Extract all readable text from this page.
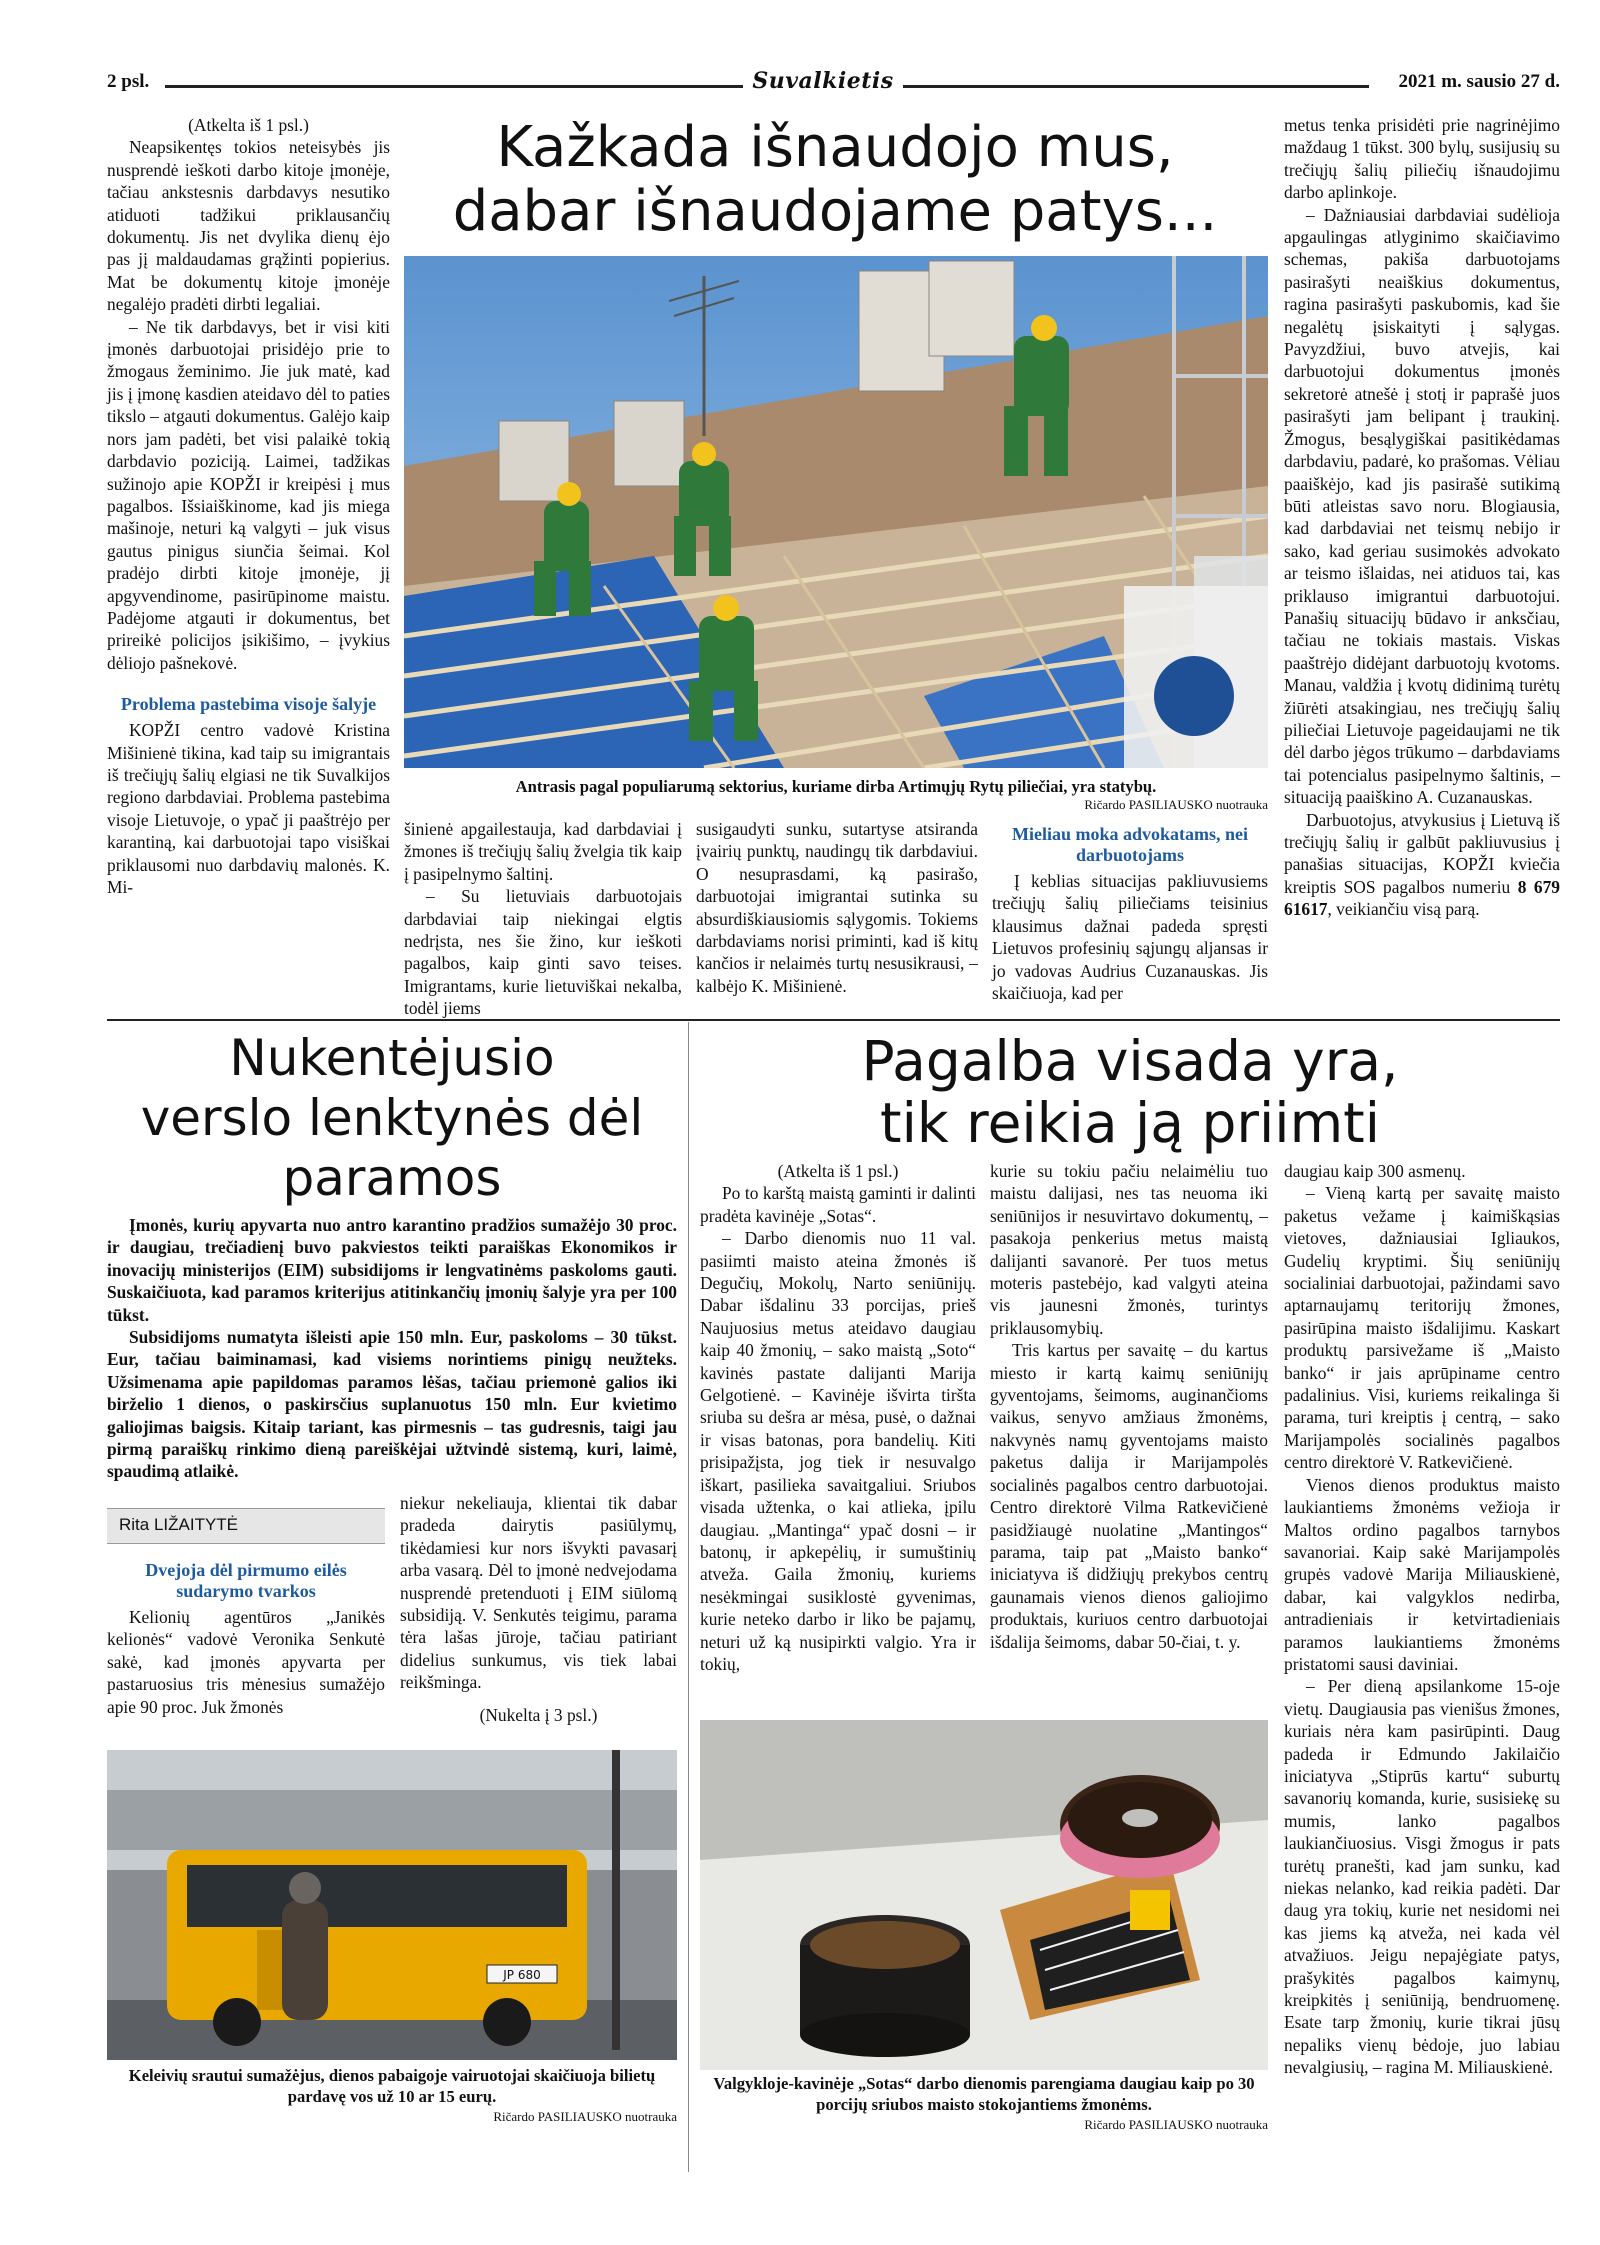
2 psl.	Suvalkietis	2021 m. sausio 27 d.

(Atkelta iš 1 psl.)

Neapsikentęs tokios neteisybės jis nusprendė ieškoti darbo kitoje įmonėje, tačiau ankstesnis darbdavys nesutiko atiduoti tadžikui priklausančių dokumentų. Jis net dvylika dienų ėjo pas jį maldaudamas grąžinti popierius. Mat be dokumentų kitoje įmonėje negalėjo pradėti dirbti legaliai.

– Ne tik darbdavys, bet ir visi kiti įmonės darbuotojai prisidėjo prie to žmogaus žeminimo. Jie juk matė, kad jis į įmonę kasdien ateidavo dėl to paties tikslo – atgauti dokumentus. Galėjo kaip nors jam padėti, bet visi palaikė tokią darbdavio poziciją. Laimei, tadžikas sužinojo apie KOPŽI ir kreipėsi į mus pagalbos. Išsiaiškinome, kad jis miega mašinoje, neturi ką valgyti – juk visus gautus pinigus siunčia šeimai. Kol pradėjo dirbti kitoje įmonėje, jį apgyvendinome, pasirūpinome maistu. Padėjome atgauti ir dokumentus, bet prireikė policijos įsikišimo, – įvykius dėliojo pašnekovė.

Problema pastebima visoje šalyje

KOPŽI centro vadovė Kristina Mišinienė tikina, kad taip su imigrantais iš trečiųjų šalių elgiasi ne tik Suvalkijos regiono darbdaviai. Problema pastebima visoje Lietuvoje, o ypač ji paaštrėjo per karantiną, kai darbuotojai tapo visiškai priklausomi nuo darbdavių malonės. K. Mi-

Kažkada išnaudojo mus,
dabar išnaudojame patys...
Antrasis pagal populiarumą sektorius, kuriame dirba Artimųjų Rytų piliečiai, yra statybų.
Ričardo PASILIAUSKO nuotrauka

šinienė apgailestauja, kad darbdaviai į žmones iš trečiųjų šalių žvelgia tik kaip į pasipelnymo šaltinį.

– Su lietuviais darbuotojais darbdaviai taip niekingai elgtis nedrįsta, nes šie žino, kur ieškoti pagalbos, kaip ginti savo teises. Imigrantams, kurie lietuviškai nekalba, todėl jiems

susigaudyti sunku, sutartyse atsiranda įvairių punktų, naudingų tik darbdaviui. O nesuprasdami, ką pasirašo, darbuotojai imigrantai sutinka su absurdiškiausiomis sąlygomis. Tokiems darbdaviams norisi priminti, kad iš kitų kančios ir nelaimės turtų nesusikrausi, – kalbėjo K. Mišinienė.

Mieliau moka advokatams, nei darbuotojams

Į keblias situacijas pakliuvusiems trečiųjų šalių piliečiams teisinius klausimus dažnai padeda spręsti Lietuvos profesinių sąjungų aljansas ir jo vadovas Audrius Cuzanauskas. Jis skaičiuoja, kad per

metus tenka prisidėti prie nagrinėjimo maždaug 1 tūkst. 300 bylų, susijusių su trečiųjų šalių piliečių išnaudojimu darbo aplinkoje.

– Dažniausiai darbdaviai sudėlioja apgaulingas atlyginimo skaičiavimo schemas, pakiša darbuotojams pasirašyti neaiškius dokumentus, ragina pasirašyti paskubomis, kad šie negalėtų įsiskaityti į sąlygas. Pavyzdžiui, buvo atvejis, kai darbuotojui dokumentus įmonės sekretorė atnešė į stotį ir paprašė juos pasirašyti jam belipant į traukinį. Žmogus, besąlygiškai pasitikėdamas darbdaviu, padarė, ko prašomas. Vėliau paaiškėjo, kad jis pasirašė sutikimą būti atleistas savo noru. Blogiausia, kad darbdaviai net teismų nebijo ir sako, kad geriau susimokės advokato ar teismo išlaidas, nei atiduos tai, kas priklauso imigrantui darbuotojui. Panašių situacijų būdavo ir anksčiau, tačiau ne tokiais mastais. Viskas paaštrėjo didėjant darbuotojų kvotoms. Manau, valdžia į kvotų didinimą turėtų žiūrėti atsakingiau, nes trečiųjų šalių piliečiai Lietuvoje pageidaujami ne tik dėl darbo jėgos trūkumo – darbdaviams tai potencialus pasipelnymo šaltinis, – situaciją paaiškino A. Cuzanauskas.

Darbuotojus, atvykusius į Lietuvą iš trečiųjų šalių ir galbūt pakliuvusius į panašias situacijas, KOPŽI kviečia kreiptis SOS pagalbos numeriu 8 679 61617, veikiančiu visą parą.

Nukentėjusio
verslo lenktynės dėl
paramos

Įmonės, kurių apyvarta nuo antro karantino pradžios sumažėjo 30 proc. ir daugiau, trečiadienį buvo pakviestos teikti paraiškas Ekonomikos ir inovacijų ministerijos (EIM) subsidijoms ir lengvatinėms paskoloms gauti. Suskaičiuota, kad paramos kriterijus atitinkančių įmonių šalyje yra per 100 tūkst.

Subsidijoms numatyta išleisti apie 150 mln. Eur, paskoloms – 30 tūkst. Eur, tačiau baiminamasi, kad visiems norintiems pinigų neužteks. Užsimenama apie papildomas paramos lėšas, tačiau priemonė galios iki birželio 1 dienos, o paskirsčius suplanuotus 150 mln. Eur kvietimo galiojimas baigsis. Kitaip tariant, kas pirmesnis – tas gudresnis, taigi jau pirmą paraiškų rinkimo dieną pareiškėjai užtvindė sistemą, kuri, laimė, spaudimą atlaikė.

Rita LIŽAITYTĖ
Dvejoja dėl pirmumo eilės sudarymo tvarkos

Kelionių agentūros „Janikės kelionės“ vadovė Veronika Senkutė sakė, kad įmonės apyvarta per pastaruosius tris mėnesius sumažėjo apie 90 proc. Juk žmonės

niekur nekeliauja, klientai tik dabar pradeda dairytis pasiūlymų, tikėdamiesi kur nors išvykti pavasarį arba vasarą. Dėl to įmonė nedvejodama nusprendė pretenduoti į EIM siūlomą subsidiją. V. Senkutės teigimu, parama tėra lašas jūroje, tačiau patiriant didelius sunkumus, vis tiek labai reikšminga.

(Nukelta į 3 psl.)

JP 680
Keleivių srautui sumažėjus, dienos pabaigoje vairuotojai skaičiuoja bilietų pardavę vos už 10 ar 15 eurų.
Ričardo PASILIAUSKO nuotrauka
Pagalba visada yra,
tik reikia ją priimti

(Atkelta iš 1 psl.)

Po to karštą maistą gaminti ir dalinti pradėta kavinėje „Sotas“.

– Darbo dienomis nuo 11 val. pasiimti maisto ateina žmonės iš Degučių, Mokolų, Narto seniūnijų. Dabar išdalinu 33 porcijas, prieš Naujuosius metus ateidavo daugiau kaip 40 žmonių, – sako maistą „Soto“ kavinės pastate dalijanti Marija Gelgotienė. – Kavinėje išvirta tiršta sriuba su dešra ar mėsa, pusė, o dažnai ir visas batonas, pora bandelių. Kiti prisipažįsta, jog tiek ir nesuvalgo iškart, pasilieka savaitgaliui. Sriubos visada užtenka, o kai atlieka, įpilu daugiau. „Mantinga“ ypač dosni – ir batonų, ir apkepėlių, ir sumuštinių atveža. Gaila žmonių, kuriems nesėkmingai susiklostė gyvenimas, kurie neteko darbo ir liko be pajamų, neturi už ką nusipirkti valgio. Yra ir tokių,

kurie su tokiu pačiu nelaimėliu tuo maistu dalijasi, nes tas neuoma iki seniūnijos ir nesuvirtavo dokumentų, – pasakoja penkerius metus maistą dalijanti savanorė. Per tuos metus moteris pastebėjo, kad valgyti ateina vis jaunesni žmonės, turintys priklausomybių.

Tris kartus per savaitę – du kartus miesto ir kartą kaimų seniūnijų gyventojams, šeimoms, auginančioms vaikus, senyvo amžiaus žmonėms, nakvynės namų gyventojams maisto paketus dalija ir Marijampolės socialinės pagalbos centro darbuotojai. Centro direktorė Vilma Ratkevičienė pasidžiaugė nuolatine „Mantingos“ parama, taip pat „Maisto banko“ iniciatyva iš didžiųjų prekybos centrų gaunamais vienos dienos galiojimo produktais, kuriuos centro darbuotojai išdalija šeimoms, dabar 50-čiai, t. y.

daugiau kaip 300 asmenų.

– Vieną kartą per savaitę maisto paketus vežame į kaimiškąsias vietoves, dažniausiai Igliaukos, Gudelių kryptimi. Šių seniūnijų socialiniai darbuotojai, pažindami savo aptarnaujamų teritorijų žmones, pasirūpina maisto išdalijimu. Kaskart produktų parsivežame iš „Maisto banko“ ir jais aprūpiname centro padalinius. Visi, kuriems reikalinga ši parama, turi kreiptis į centrą, – sako Marijampolės socialinės pagalbos centro direktorė V. Ratkevičienė.

Vienos dienos produktus maisto laukiantiems žmonėms vežioja ir Maltos ordino pagalbos tarnybos savanoriai. Kaip sakė Marijampolės grupės vadovė Marija Miliauskienė, dabar, kai valgyklos nedirba, antradieniais ir ketvirtadieniais paramos laukiantiems žmonėms pristatomi sausi daviniai.

– Per dieną apsilankome 15-oje vietų. Daugiausia pas vienišus žmones, kuriais nėra kam pasirūpinti. Daug padeda ir Edmundo Jakilaičio iniciatyva „Stiprūs kartu“ suburtų savanorių komanda, kurie, susisiekę su mumis, lanko pagalbos laukiančiuosius. Visgi žmogus ir pats turėtų pranešti, kad jam sunku, kad niekas nelanko, kad reikia padėti. Dar daug yra tokių, kurie net nesidomi nei kas jiems ką atveža, nei kada vėl atvažiuos. Jeigu nepajėgiate patys, prašykitės pagalbos kaimynų, kreipkitės į seniūniją, bendruomenę. Esate tarp žmonių, kurie tikrai jūsų nepaliks vienų bėdoje, juo labiau nevalgiusių, – ragina M. Miliauskienė.

Valgykloje-kavinėje „Sotas“ darbo dienomis parengiama daugiau kaip po 30 porcijų sriubos maisto stokojantiems žmonėms.
Ričardo PASILIAUSKO nuotrauka
